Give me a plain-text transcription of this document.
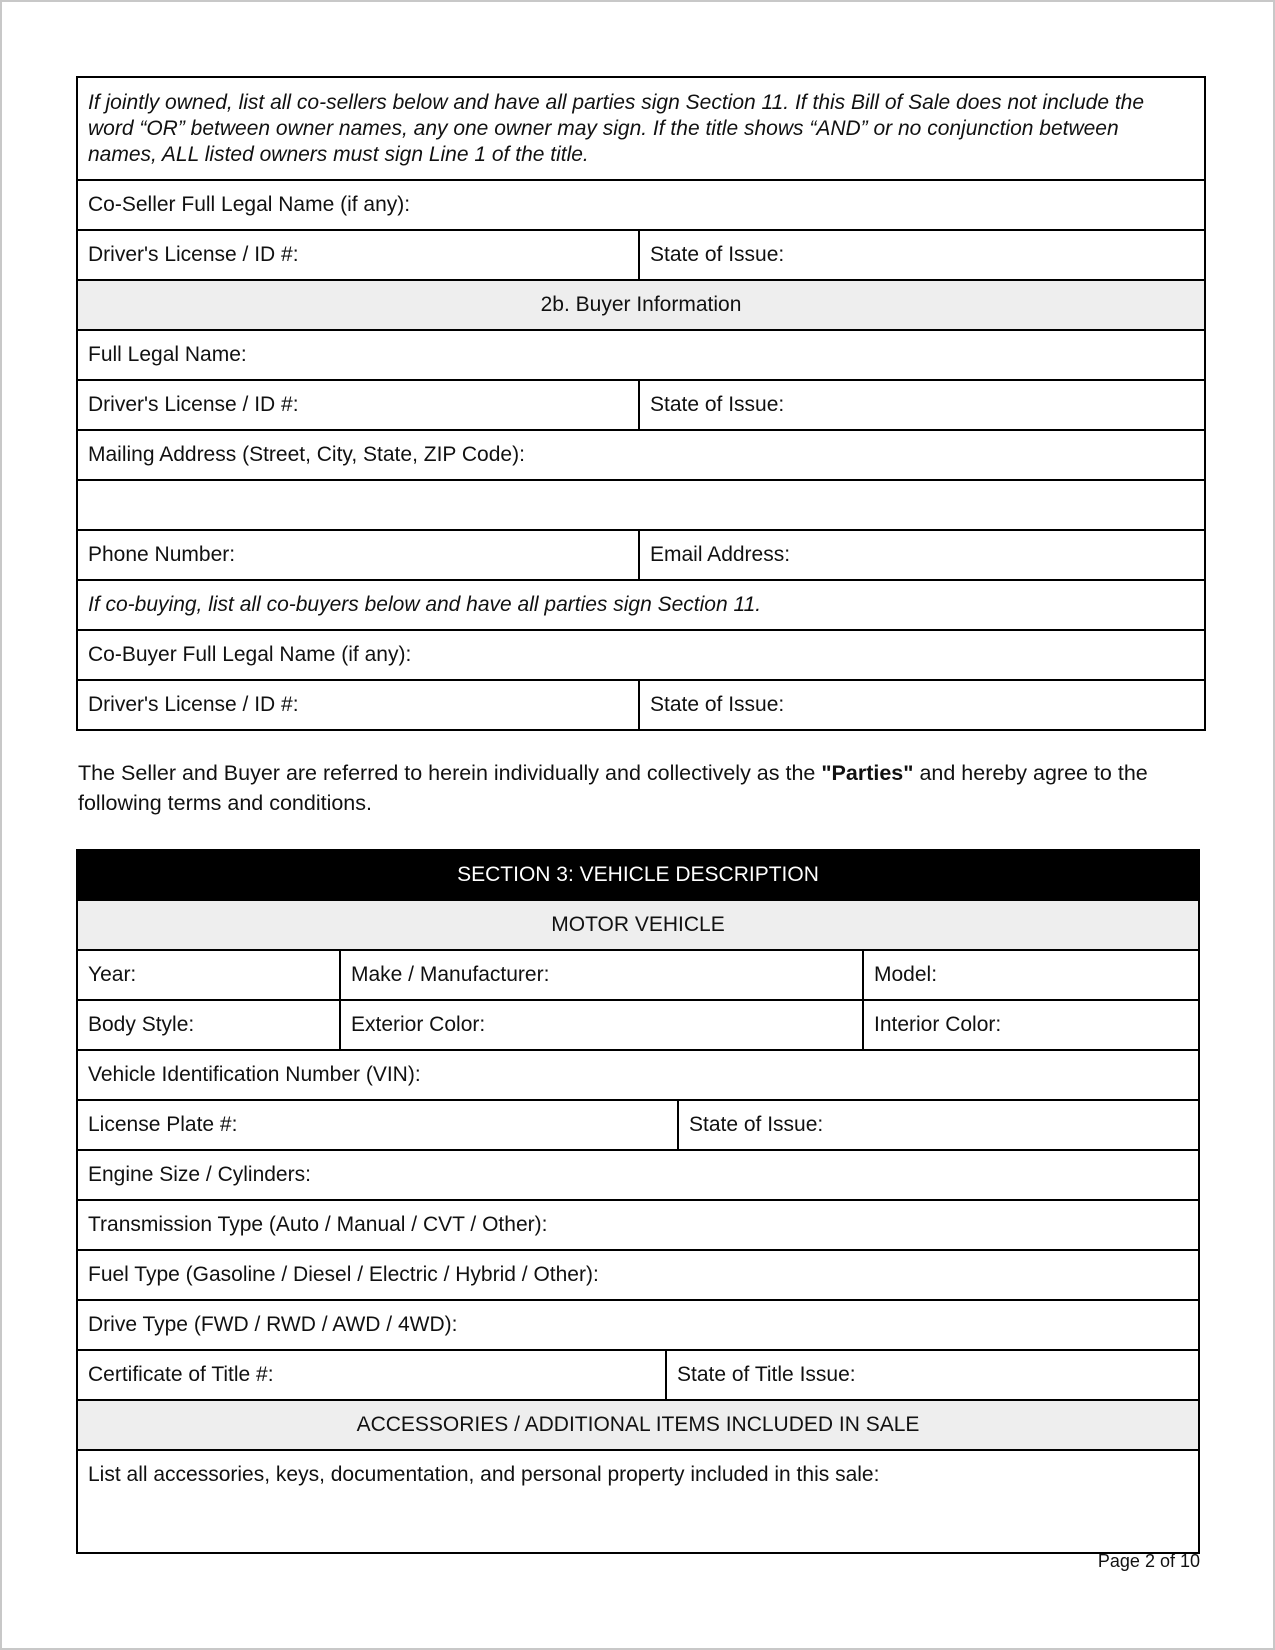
If jointly owned, list all co-sellers below and have all parties sign Section 11. If this Bill of Sale does not include the word “OR” between owner names, any one owner may sign. If the title shows “AND” or no conjunction between names, ALL listed owners must sign Line 1 of the title.	
Co-Seller Full Legal Name (if any):	
Driver's License / ID #:	State of Issue:
2b. Buyer Information	
Full Legal Name:	
Driver's License / ID #:	State of Issue:
Mailing Address (Street, City, State, ZIP Code):	

Phone Number:	Email Address:
If co-buying, list all co-buyers below and have all parties sign Section 11.	
Co-Buyer Full Legal Name (if any):	
Driver's License / ID #:	State of Issue:

The Seller and Buyer are referred to herein individually and collectively as the "Parties" and hereby agree to the following terms and conditions.

SECTION 3: VEHICLE DESCRIPTION				
MOTOR VEHICLE				
Year:	Make / Manufacturer:			Model:
Body Style:	Exterior Color:			Interior Color:
Vehicle Identification Number (VIN):				
License Plate #:			State of Issue:	
Engine Size / Cylinders:				
Transmission Type (Auto / Manual / CVT / Other):				
Fuel Type (Gasoline / Diesel / Electric / Hybrid / Other):				
Drive Type (FWD / RWD / AWD / 4WD):				
Certificate of Title #:		State of Title Issue:		
ACCESSORIES / ADDITIONAL ITEMS INCLUDED IN SALE				
List all accessories, keys, documentation, and personal property included in this sale:				
Page 2 of 10
